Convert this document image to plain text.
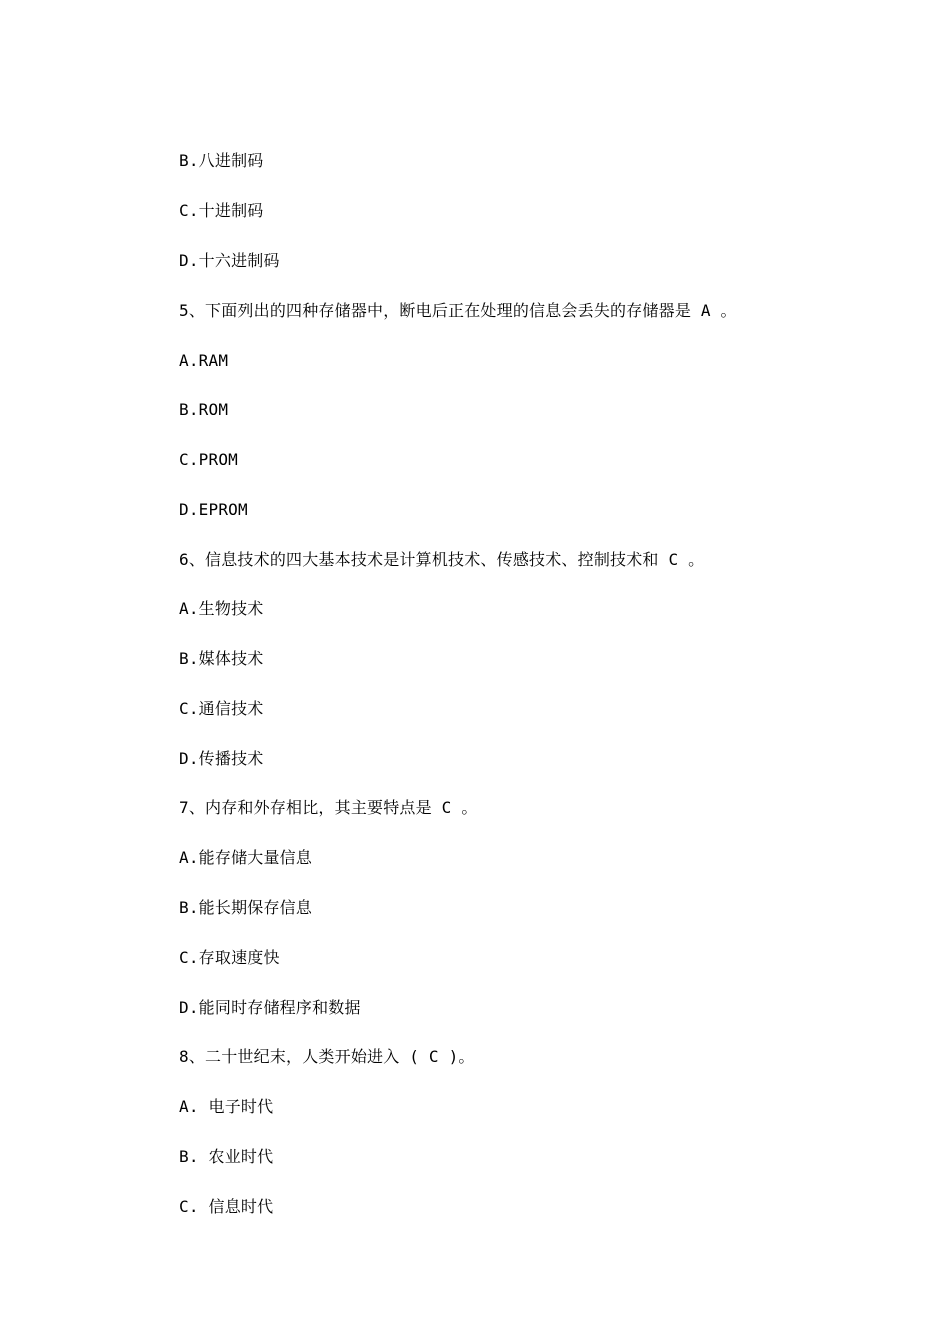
B.八进制码
C.十进制码
D.十六进制码
5、下面列出的四种存储器中，断电后正在处理的信息会丢失的存储器是 A 。
A.RAM
B.ROM
C.PROM
D.EPROM
6、信息技术的四大基本技术是计算机技术、传感技术、控制技术和 C 。
A.生物技术
B.媒体技术
C.通信技术
D.传播技术
7、内存和外存相比，其主要特点是 C 。
A.能存储大量信息
B.能长期保存信息
C.存取速度快
D.能同时存储程序和数据
8、二十世纪末，人类开始进入 ( C )。
A. 电子时代
B. 农业时代
C. 信息时代
